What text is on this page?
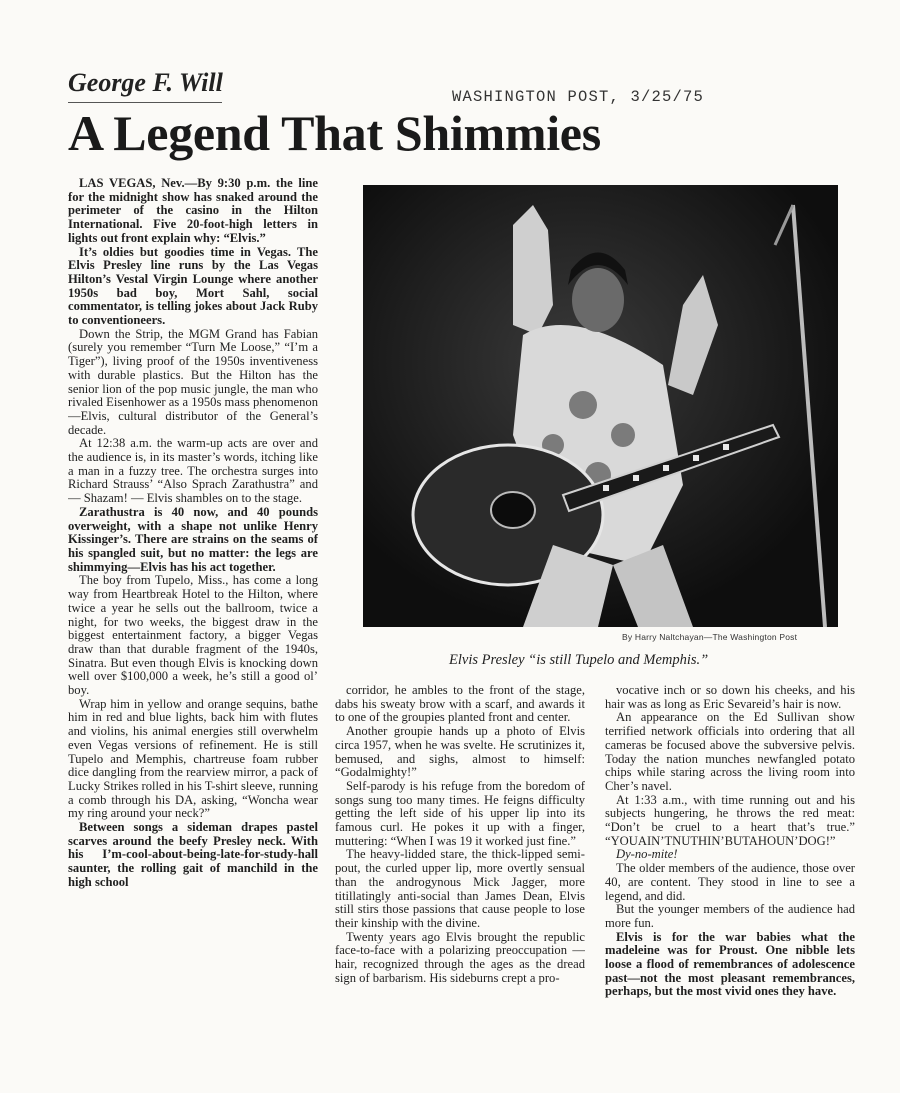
George F. Will	WASHINGTON POST, 3/25/75
A Legend That Shimmies

LAS VEGAS, Nev.—By 9:30 p.m. the line for the midnight show has snaked around the perimeter of the casino in the Hilton International. Five 20-foot-high letters in lights out front explain why: “Elvis.”

It’s oldies but goodies time in Vegas. The Elvis Presley line runs by the Las Vegas Hilton’s Vestal Virgin Lounge where another 1950s bad boy, Mort Sahl, social commentator, is telling jokes about Jack Ruby to conventioneers.

Down the Strip, the MGM Grand has Fabian (surely you remember “Turn Me Loose,” “I’m a Tiger”), living proof of the 1950s inventiveness with durable plastics. But the Hilton has the senior lion of the pop music jungle, the man who rivaled Eisenhower as a 1950s mass phenomenon—Elvis, cultural distributor of the General’s decade.

At 12:38 a.m. the warm-up acts are over and the audience is, in its master’s words, itching like a man in a fuzzy tree. The orchestra surges into Richard Strauss’ “Also Sprach Zarathustra” and — Shazam! — Elvis shambles on to the stage.

Zarathustra is 40 now, and 40 pounds overweight, with a shape not unlike Henry Kissinger’s. There are strains on the seams of his spangled suit, but no matter: the legs are shimmying—Elvis has his act together.

The boy from Tupelo, Miss., has come a long way from Heartbreak Hotel to the Hilton, where twice a year he sells out the ballroom, twice a night, for two weeks, the biggest draw in the biggest entertainment factory, a bigger Vegas draw than that durable fragment of the 1940s, Sinatra. But even though Elvis is knocking down well over $100,000 a week, he’s still a good ol’ boy.

Wrap him in yellow and orange sequins, bathe him in red and blue lights, back him with flutes and violins, his animal energies still overwhelm even Vegas versions of refinement. He is still Tupelo and Memphis, chartreuse foam rubber dice dangling from the rearview mirror, a pack of Lucky Strikes rolled in his T-shirt sleeve, running a comb through his DA, asking, “Woncha wear my ring around your neck?”

Between songs a sideman drapes pastel scarves around the beefy Presley neck. With his I’m-cool-about-being-late-for-study-hall saunter, the rolling gait of manchild in the high school

By Harry Naltchayan—The Washington Post
Elvis Presley “is still Tupelo and Memphis.”

corridor, he ambles to the front of the stage, dabs his sweaty brow with a scarf, and awards it to one of the groupies planted front and center.

Another groupie hands up a photo of Elvis circa 1957, when he was svelte. He scrutinizes it, bemused, and sighs, almost to himself: “Godalmighty!”

Self-parody is his refuge from the boredom of songs sung too many times. He feigns difficulty getting the left side of his upper lip into its famous curl. He pokes it up with a finger, muttering: “When I was 19 it worked just fine.”

The heavy-lidded stare, the thick-lipped semi-pout, the curled upper lip, more overtly sensual than the androgynous Mick Jagger, more titillatingly anti-social than James Dean, Elvis still stirs those passions that cause people to lose their kinship with the divine.

Twenty years ago Elvis brought the republic face-to-face with a polarizing preoccupation — hair, recognized through the ages as the dread sign of barbarism. His sideburns crept a pro-

vocative inch or so down his cheeks, and his hair was as long as Eric Sevareid’s hair is now.

An appearance on the Ed Sullivan show terrified network officials into ordering that all cameras be focused above the subversive pelvis. Today the nation munches newfangled potato chips while staring across the living room into Cher’s navel.

At 1:33 a.m., with time running out and his subjects hungering, he throws the red meat: “Don’t be cruel to a heart that’s true.” “YOUAIN’TNUTHIN’BUTAHOUN’DOG!”

Dy-no-mite!

The older members of the audience, those over 40, are content. They stood in line to see a legend, and did.

But the younger members of the audience had more fun.

Elvis is for the war babies what the madeleine was for Proust. One nibble lets loose a flood of remembrances of adolescence past—not the most pleasant remembrances, perhaps, but the most vivid ones they have.
